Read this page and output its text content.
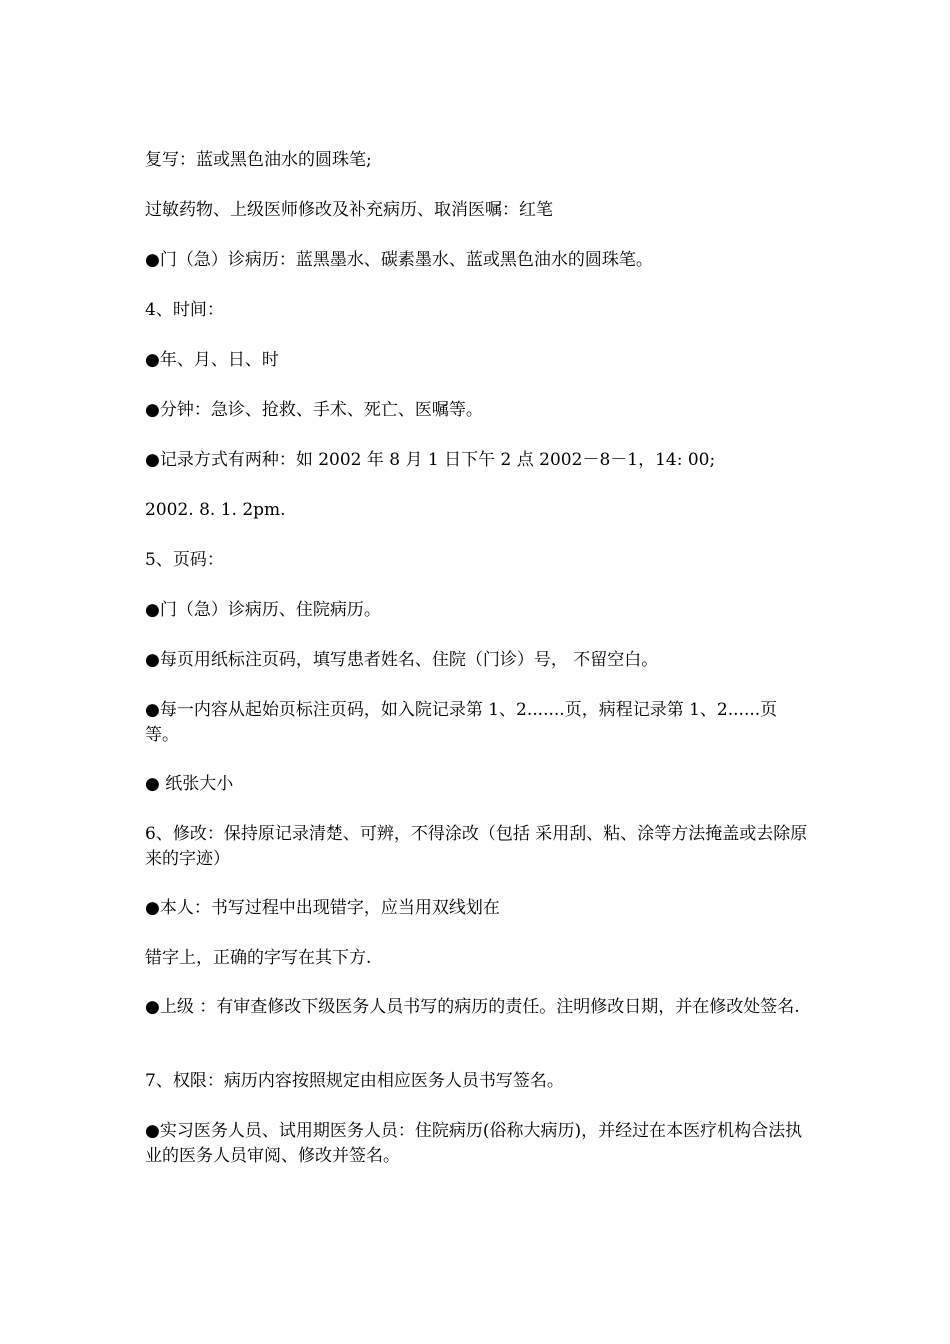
复写：蓝或黑色油水的圆珠笔;

过敏药物、上级医师修改及补充病历、取消医嘱：红笔

●门（急）诊病历：蓝黑墨水、碳素墨水、蓝或黑色油水的圆珠笔。

4、时间：

●年、月、日、时

●分钟：急诊、抢救、手术、死亡、医嘱等。

●记录方式有两种：如 2002 年 8 月 1 日下午 2 点 2002－8－1，14: 00;

2002. 8. 1. 2pm.

5、页码：

●门（急）诊病历、住院病历。

●每页用纸标注页码，填写患者姓名、住院（门诊）号， 不留空白。

●每一内容从起始页标注页码，如入院记录第 1、2.......页，病程记录第 1、2......页等。

● 纸张大小

6、修改：保持原记录清楚、可辨，不得涂改（包括 采用刮、粘、涂等方法掩盖或去除原来的字迹）

●本人：书写过程中出现错字，应当用双线划在

错字上，正确的字写在其下方.

●上级 ：有审查修改下级医务人员书写的病历的责任。注明修改日期，并在修改处签名.

7、权限：病历内容按照规定由相应医务人员书写签名。

●实习医务人员、试用期医务人员：住院病历(俗称大病历)，并经过在本医疗机构合法执业的医务人员审阅、修改并签名。
